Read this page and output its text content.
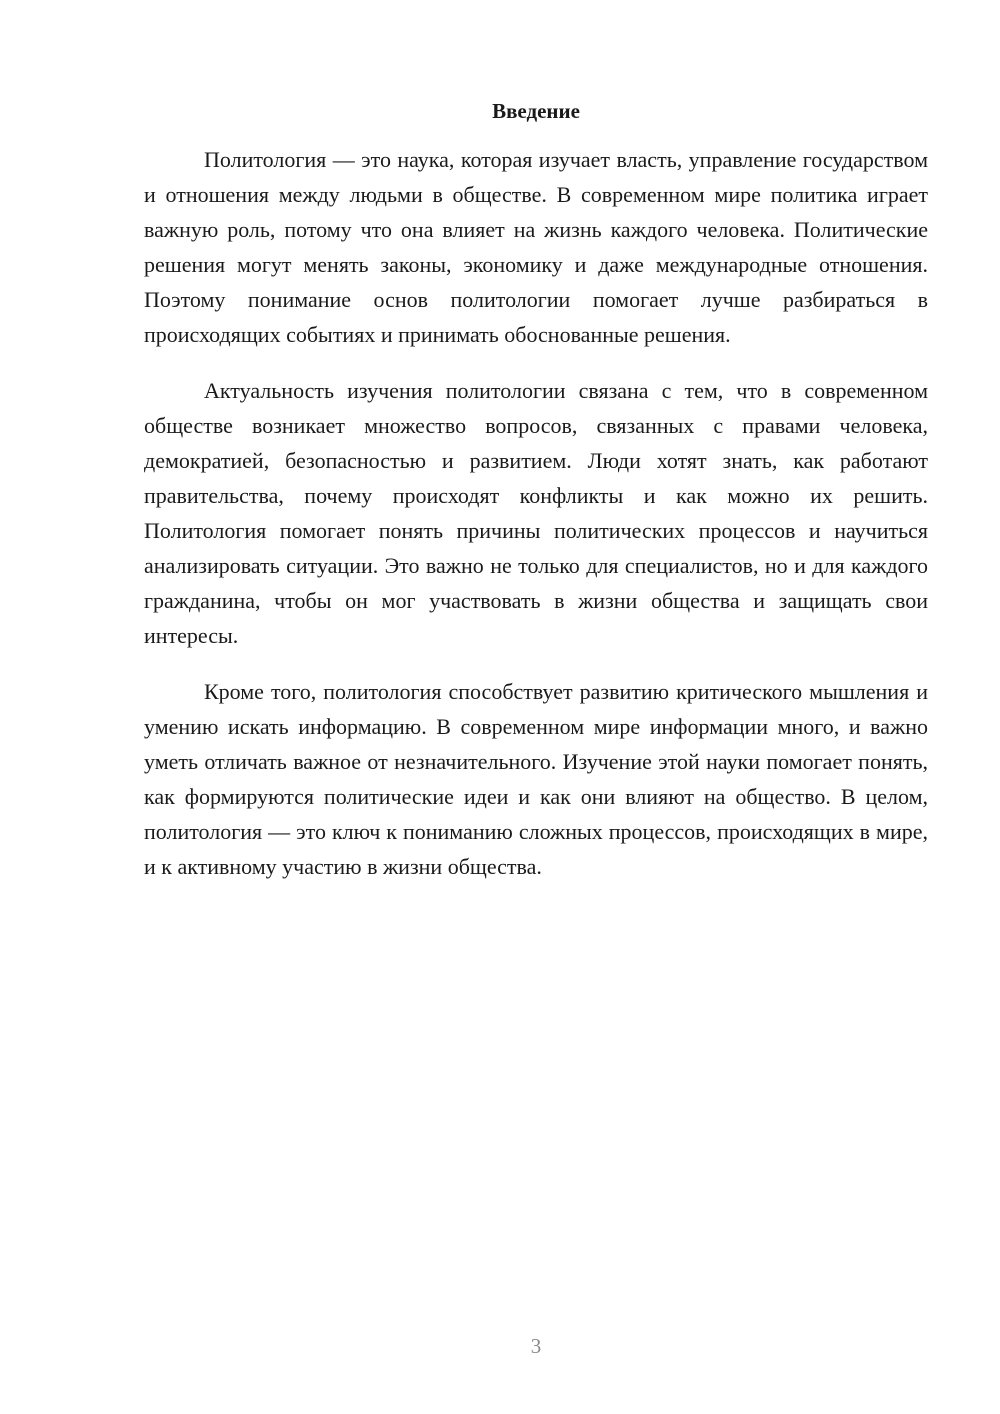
Введение

Политология — это наука, которая изучает власть, управление государством и отношения между людьми в обществе. В современном мире политика играет важную роль, потому что она влияет на жизнь каждого человека. Политические решения могут менять законы, экономику и даже международные отношения. Поэтому понимание основ политологии помогает лучше разбираться в происходящих событиях и принимать обоснованные решения.

Актуальность изучения политологии связана с тем, что в современном обществе возникает множество вопросов, связанных с правами человека, демократией, безопасностью и развитием. Люди хотят знать, как работают правительства, почему происходят конфликты и как можно их решить. Политология помогает понять причины политических процессов и научиться анализировать ситуации. Это важно не только для специалистов, но и для каждого гражданина, чтобы он мог участвовать в жизни общества и защищать свои интересы.

Кроме того, политология способствует развитию критического мышления и умению искать информацию. В современном мире информации много, и важно уметь отличать важное от незначительного. Изучение этой науки помогает понять, как формируются политические идеи и как они влияют на общество. В целом, политология — это ключ к пониманию сложных процессов, происходящих в мире, и к активному участию в жизни общества.

3
